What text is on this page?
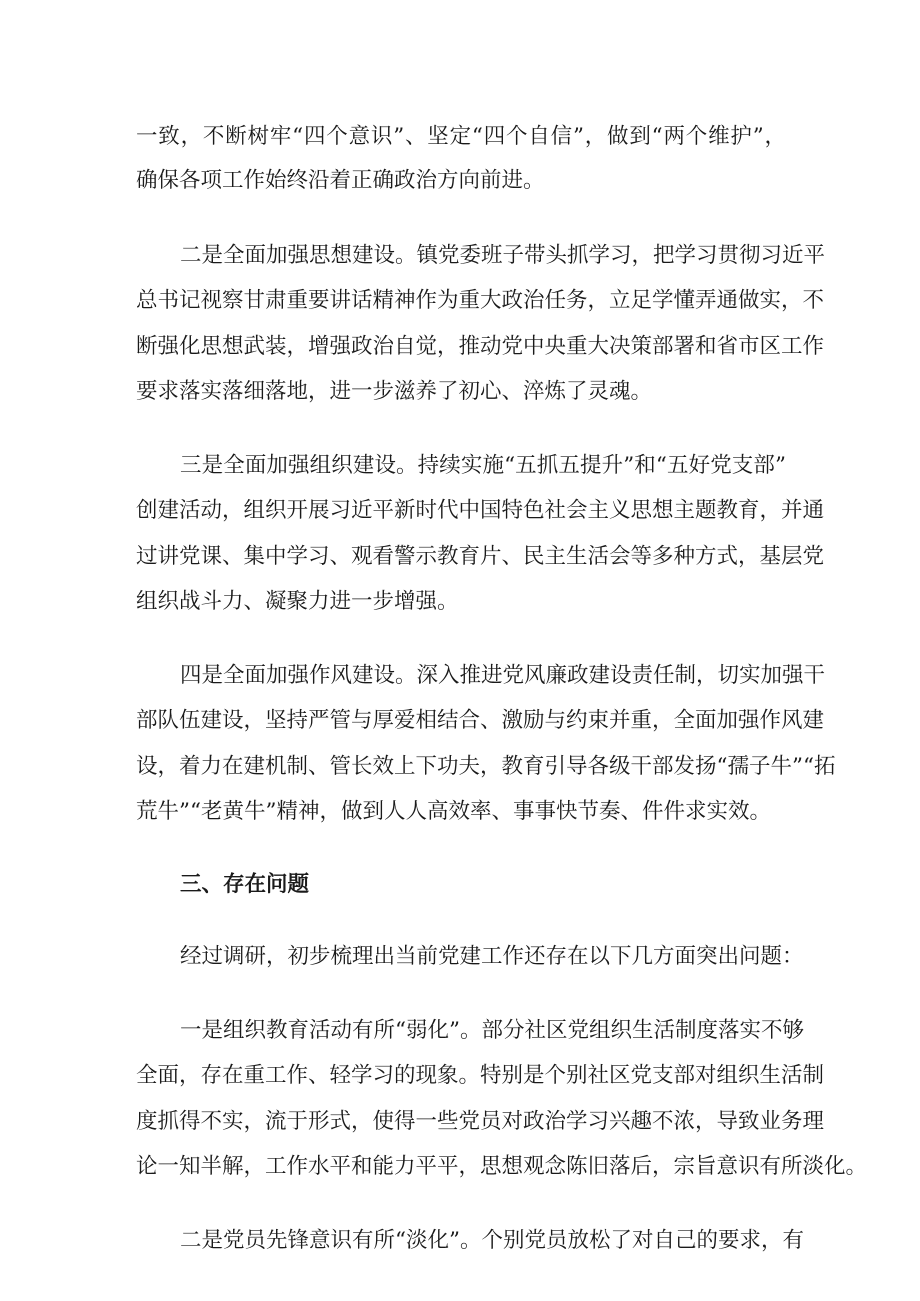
一致，不断树牢“四个意识”、坚定“四个自信”，做到“两个维护”，
确保各项工作始终沿着正确政治方向前进。
二是全面加强思想建设。镇党委班子带头抓学习，把学习贯彻习近平
总书记视察甘肃重要讲话精神作为重大政治任务，立足学懂弄通做实，不
断强化思想武装，增强政治自觉，推动党中央重大决策部署和省市区工作
要求落实落细落地，进一步滋养了初心、淬炼了灵魂。
三是全面加强组织建设。持续实施“五抓五提升”和“五好党支部”
创建活动，组织开展习近平新时代中国特色社会主义思想主题教育，并通
过讲党课、集中学习、观看警示教育片、民主生活会等多种方式，基层党
组织战斗力、凝聚力进一步增强。
四是全面加强作风建设。深入推进党风廉政建设责任制，切实加强干
部队伍建设，坚持严管与厚爱相结合、激励与约束并重，全面加强作风建
设，着力在建机制、管长效上下功夫，教育引导各级干部发扬“孺子牛”“拓
荒牛”“老黄牛”精神，做到人人高效率、事事快节奏、件件求实效。
三、存在问题
经过调研，初步梳理出当前党建工作还存在以下几方面突出问题：
一是组织教育活动有所“弱化”。部分社区党组织生活制度落实不够
全面，存在重工作、轻学习的现象。特别是个别社区党支部对组织生活制
度抓得不实，流于形式，使得一些党员对政治学习兴趣不浓，导致业务理
论一知半解，工作水平和能力平平，思想观念陈旧落后，宗旨意识有所淡化。
二是党员先锋意识有所“淡化”。个别党员放松了对自己的要求，有
